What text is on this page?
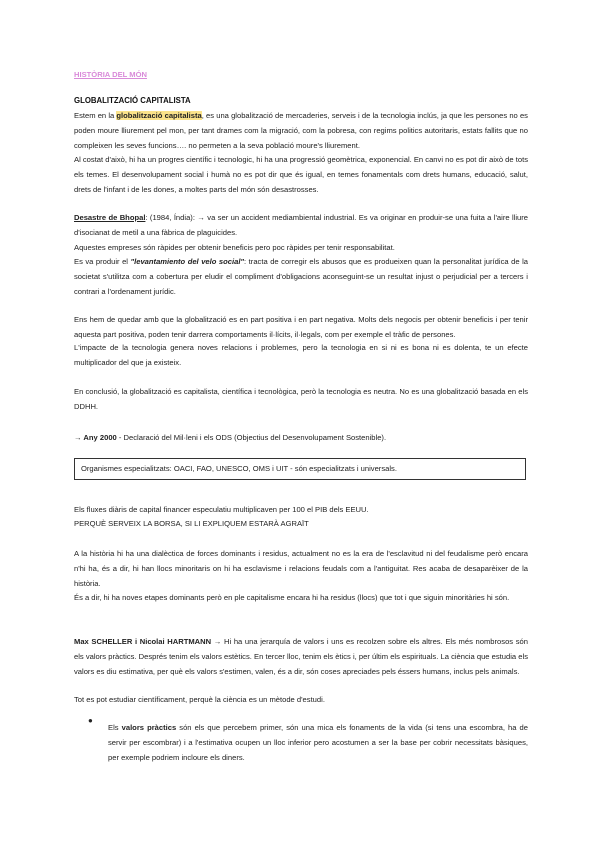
HISTÒRIA DEL MÓN
GLOBALITZACIÓ CAPITALISTA

Estem en la globalització capitalista, es una globalització de mercaderies, serveis i de la tecnologia inclús, ja que les persones no es poden moure lliurement pel mon, per tant drames com la migració, com la pobresa, con regims politics autoritaris, estats fallits que no compleixen les seves funcions…. no permeten a la seva població moure's lliurement.

Al costat d'això, hi ha un progres científic i tecnologic, hi ha una progressió geomètrica, exponencial. En canvi no es pot dir això de tots els temes. El desenvolupament social i humà no es pot dir que és igual, en temes fonamentals com drets humans, educació, salut, drets de l'infant i de les dones, a moltes parts del món són desastrosses.

Desastre de Bhopal: (1984, Índia): → va ser un accident mediambiental industrial. Es va originar en produir-se una fuita a l'aire lliure d'isocianat de metil a una fàbrica de plaguicides.

Aquestes empreses són ràpides per obtenir beneficis pero poc ràpides per tenir responsabilitat.

Es va produir el "levantamiento del velo social": tracta de corregir els abusos que es produeixen quan la personalitat jurídica de la societat s'utilitza com a cobertura per eludir el compliment d'obligacions aconseguint-se un resultat injust o perjudicial per a tercers i contrari a l'ordenament jurídic.

Ens hem de quedar amb que la globalització es en part positiva i en part negativa. Molts dels negocis per obtenir beneficis i per tenir aquesta part positiva, poden tenir darrera comportaments il·lícits, il·legals, com per exemple el tràfic de persones.

L'impacte de la tecnologia genera noves relacions i problemes, pero la tecnologia en si ni es bona ni es dolenta, te un efecte multiplicador del que ja existeix.

En conclusió, la globalització es capitalista, científica i tecnològica, però la tecnologia es neutra. No es una globalització basada en els DDHH.

→ Any 2000 - Declaració del Mil·leni i els ODS (Objectius del Desenvolupament Sostenible).

Organismes especialitzats: OACI, FAO, UNESCO, OMS i UIT - són especialitzats i universals.

Els fluxes diàris de capital financer especulatiu multiplicaven per 100 el PIB dels EEUU.

PERQUÈ SERVEIX LA BORSA, SI LI EXPLIQUEM ESTARÀ AGRAÏT

A la història hi ha una dialèctica de forces dominants i residus, actualment no es la era de l'esclavitud ni del feudalisme però encara n'hi ha, és a dir, hi han llocs minoritaris on hi ha esclavisme i relacions feudals com a l'antiguitat. Res acaba de desaparèixer de la història.

És a dir, hi ha noves etapes dominants però en ple capitalisme encara hi ha residus (llocs) que tot i que siguin minoritàries hi són.

Max SCHELLER i Nicolai HARTMANN → Hi ha una jerarquía de valors i uns es recolzen sobre els altres. Els més nombrosos són els valors pràctics. Després tenim els valors estètics. En tercer lloc, tenim els ètics i, per últim els espirituals. La ciència que estudia els valors es diu estimativa, per què els valors s'estimen, valen, és a dir, són coses apreciades pels éssers humans, inclus pels animals.

Tot es pot estudiar científicament, perquè la ciència es un mètode d'estudi.

●

Els valors pràctics són els que percebem primer, són una mica els fonaments de la vida (si tens una escombra, ha de servir per escombrar) i a l'estimativa ocupen un lloc inferior pero acostumen a ser la base per cobrir necessitats bàsiques, per exemple podriem incloure els diners.
